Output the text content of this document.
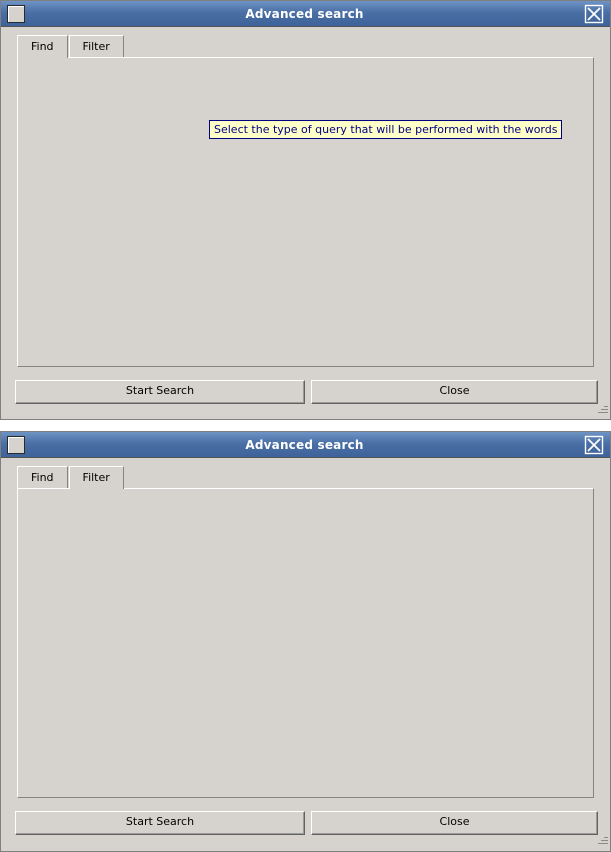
Advanced search
Find	Filter
Select the type of query that will be performed with the words
Start Search	Close
Advanced search
Find	Filter
Start Search	Close
